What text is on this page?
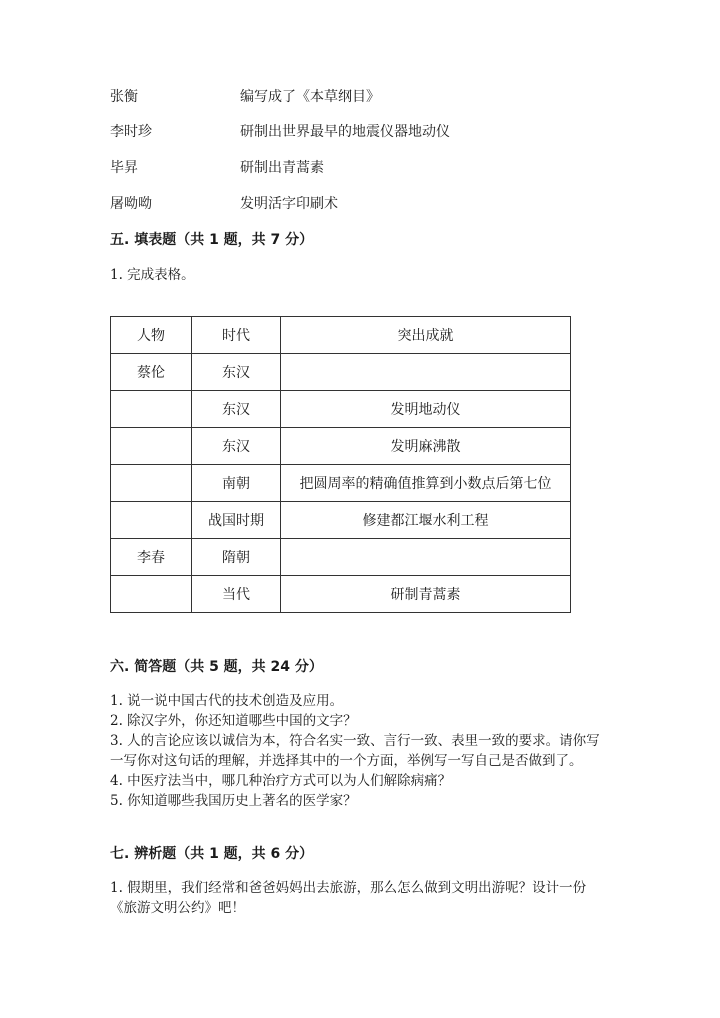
张衡	编写成了《本草纲目》
李时珍	研制出世界最早的地震仪器地动仪
毕昇	研制出青蒿素
屠呦呦	发明活字印刷术
五. 填表题（共 1 题，共 7 分）
1. 完成表格。
人物	时代	突出成就
蔡伦	东汉	
	东汉	发明地动仪
	东汉	发明麻沸散
	南朝	把圆周率的精确值推算到小数点后第七位
	战国时期	修建都江堰水利工程
李春	隋朝	
	当代	研制青蒿素
六. 简答题（共 5 题，共 24 分）
1. 说一说中国古代的技术创造及应用。
2. 除汉字外，你还知道哪些中国的文字？
3. 人的言论应该以诚信为本，符合名实一致、言行一致、表里一致的要求。请你写一写你对这句话的理解，并选择其中的一个方面，举例写一写自己是否做到了。
4. 中医疗法当中，哪几种治疗方式可以为人们解除病痛？
5. 你知道哪些我国历史上著名的医学家？
七. 辨析题（共 1 题，共 6 分）
1. 假期里，我们经常和爸爸妈妈出去旅游，那么怎么做到文明出游呢？设计一份《旅游文明公约》吧！
